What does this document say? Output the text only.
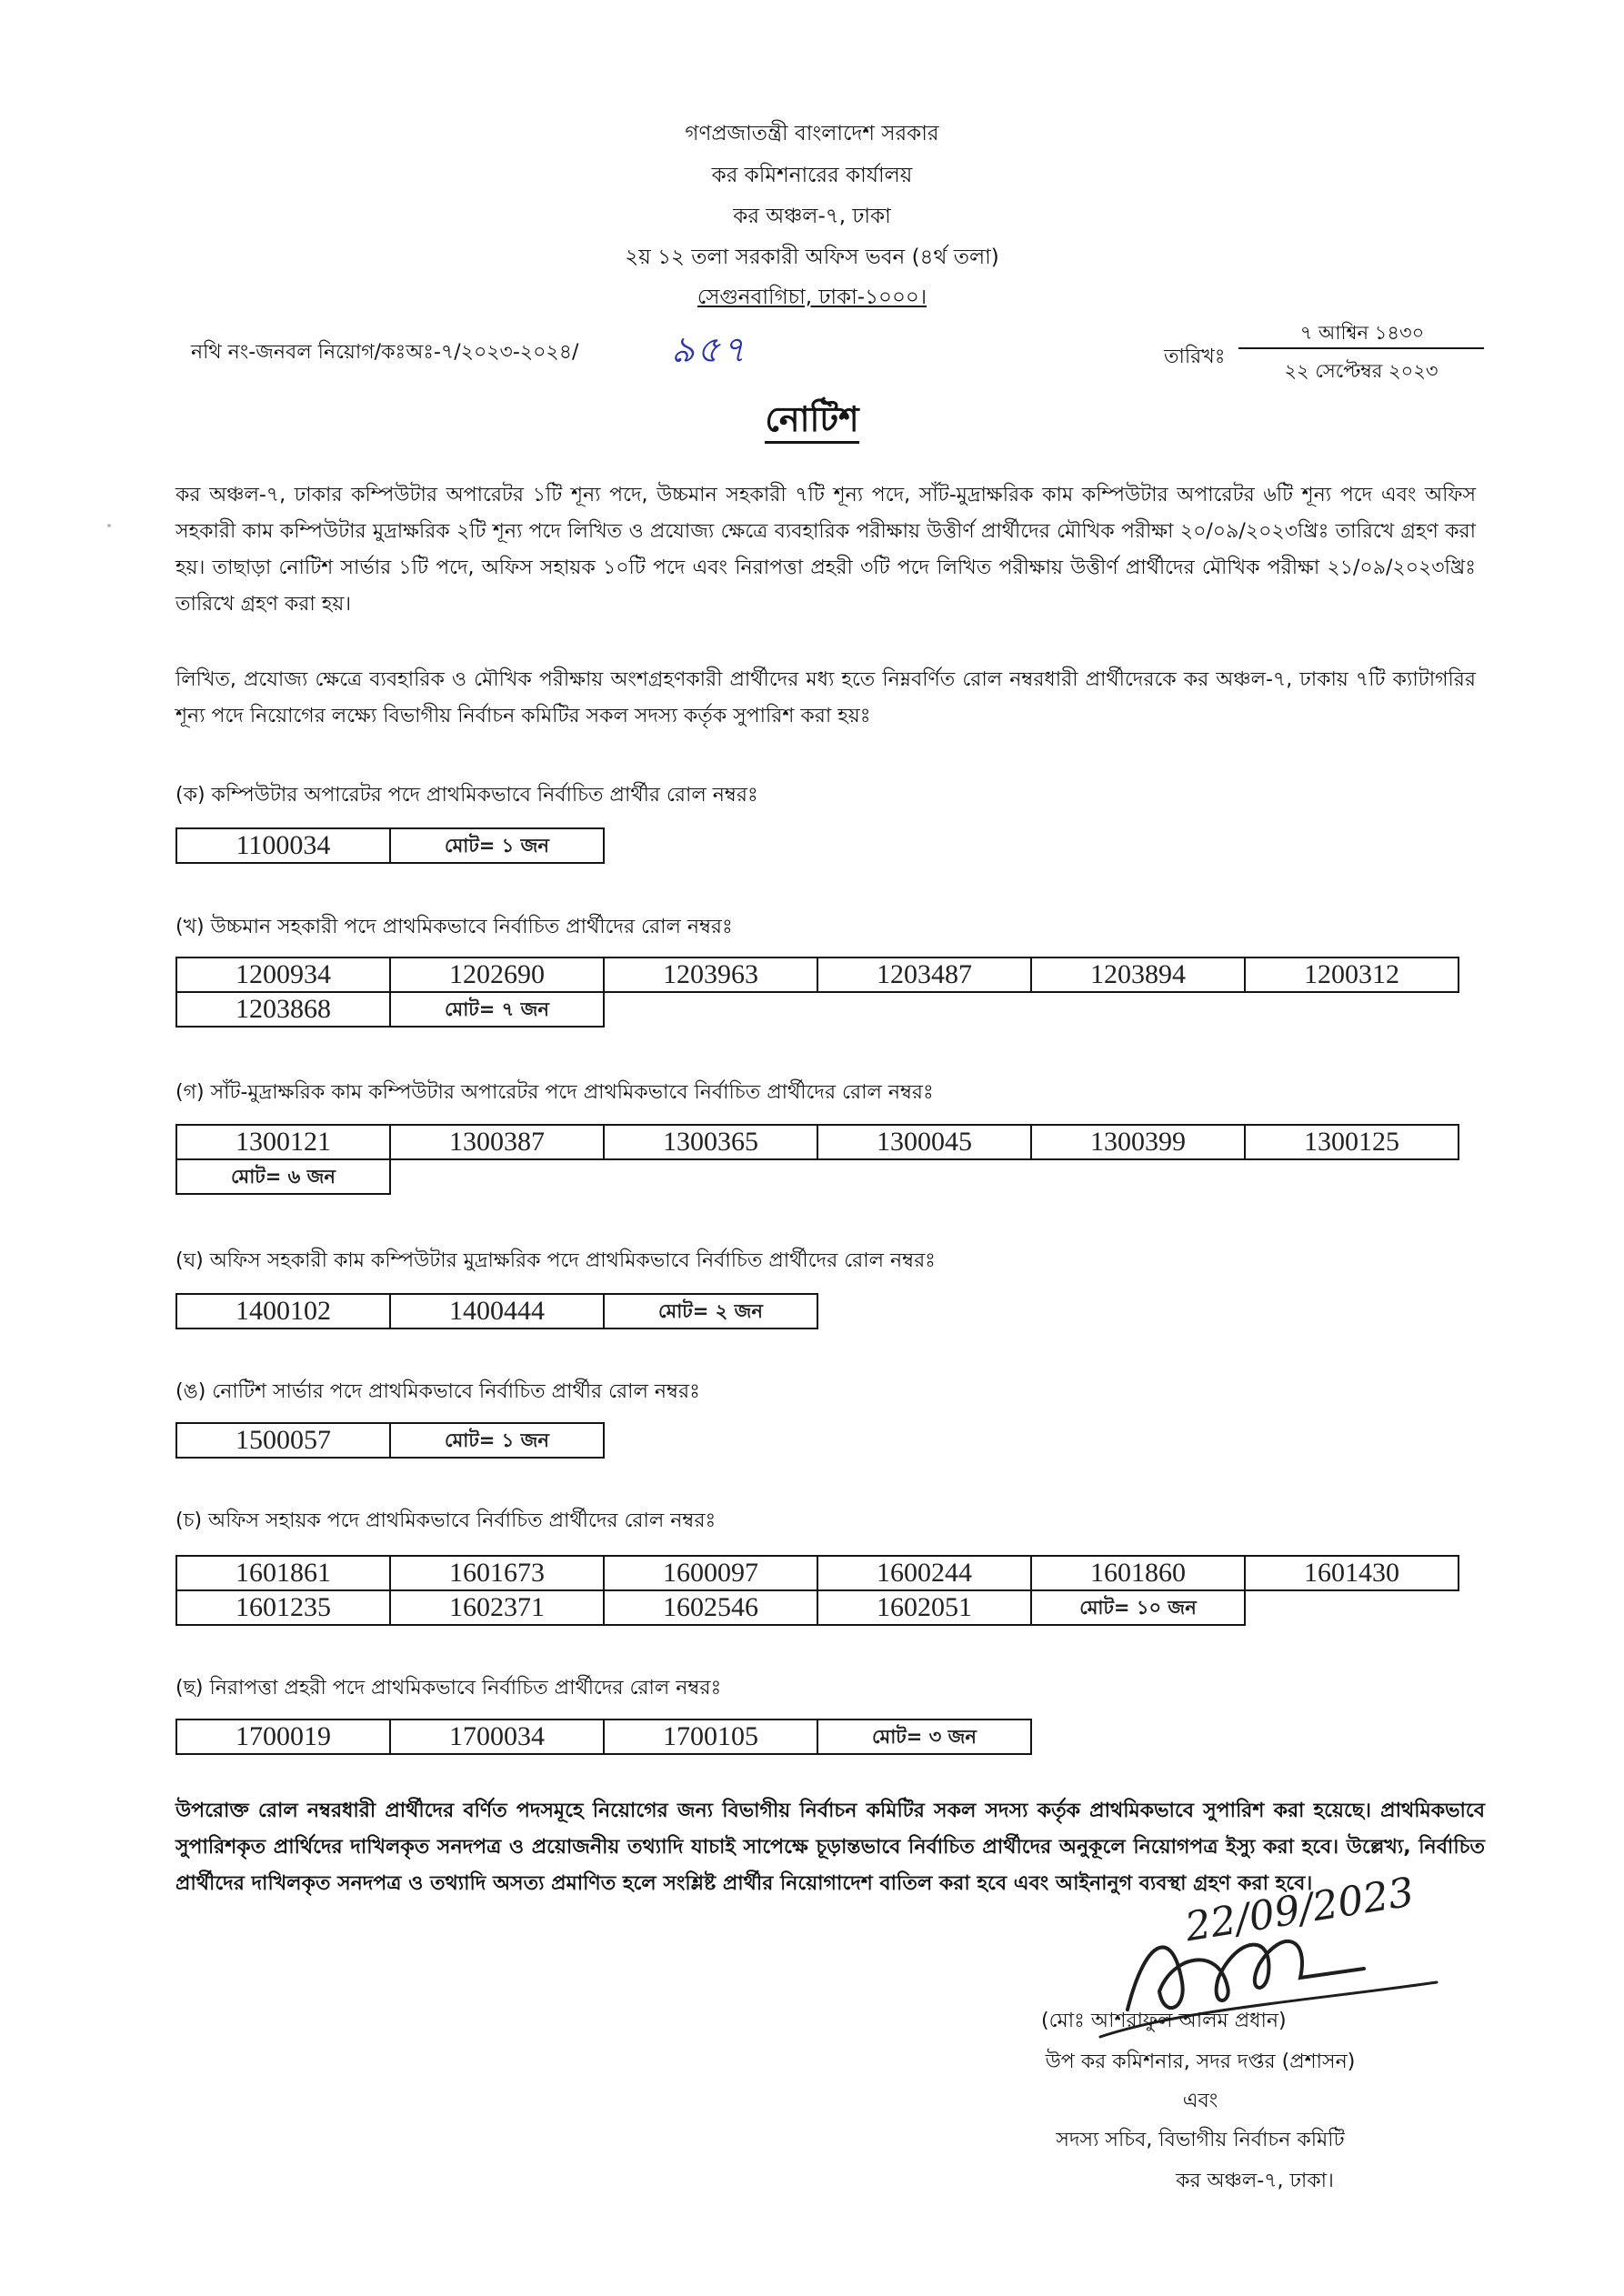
গণপ্রজাতন্ত্রী বাংলাদেশ সরকার
কর কমিশনারের কার্যালয়
কর অঞ্চল-৭, ঢাকা
২য় ১২ তলা সরকারী অফিস ভবন (৪র্থ তলা)
সেগুনবাগিচা, ঢাকা-১০০০।
নথি নং-জনবল নিয়োগ/কঃঅঃ-৭/২০২৩-২০২৪/	৯৫৭	তারিখঃ
৭ আশ্বিন ১৪৩০
২২ সেপ্টেম্বর ২০২৩
নোটিশ
কর অঞ্চল-৭, ঢাকার কম্পিউটার অপারেটর ১টি শূন্য পদে, উচ্চমান সহকারী ৭টি শূন্য পদে, সাঁট-মুদ্রাক্ষরিক কাম কম্পিউটার অপারেটর ৬টি শূন্য পদে এবং অফিস সহকারী কাম কম্পিউটার মুদ্রাক্ষরিক ২টি শূন্য পদে লিখিত ও প্রযোজ্য ক্ষেত্রে ব্যবহারিক পরীক্ষায় উত্তীর্ণ প্রার্থীদের মৌখিক পরীক্ষা ২০/০৯/২০২৩খ্রিঃ তারিখে গ্রহণ করা হয়। তাছাড়া নোটিশ সার্ভার ১টি পদে, অফিস সহায়ক ১০টি পদে এবং নিরাপত্তা প্রহরী ৩টি পদে লিখিত পরীক্ষায় উত্তীর্ণ প্রার্থীদের মৌখিক পরীক্ষা ২১/০৯/২০২৩খ্রিঃ তারিখে গ্রহণ করা হয়।
লিখিত, প্রযোজ্য ক্ষেত্রে ব্যবহারিক ও মৌখিক পরীক্ষায় অংশগ্রহণকারী প্রার্থীদের মধ্য হতে নিম্নবর্ণিত রোল নম্বরধারী প্রার্থীদেরকে কর অঞ্চল-৭, ঢাকায় ৭টি ক্যাটাগরির শূন্য পদে নিয়োগের লক্ষ্যে বিভাগীয় নির্বাচন কমিটির সকল সদস্য কর্তৃক সুপারিশ করা হয়ঃ
(ক) কম্পিউটার অপারেটর পদে প্রাথমিকভাবে নির্বাচিত প্রার্থীর রোল নম্বরঃ
1100034	মোট= ১ জন
(খ) উচ্চমান সহকারী পদে প্রাথমিকভাবে নির্বাচিত প্রার্থীদের রোল নম্বরঃ
1200934	1202690	1203963	1203487	1203894	1200312
1203868	মোট= ৭ জন
(গ) সাঁট-মুদ্রাক্ষরিক কাম কম্পিউটার অপারেটর পদে প্রাথমিকভাবে নির্বাচিত প্রার্থীদের রোল নম্বরঃ
1300121	1300387	1300365	1300045	1300399	1300125
মোট= ৬ জন
(ঘ) অফিস সহকারী কাম কম্পিউটার মুদ্রাক্ষরিক পদে প্রাথমিকভাবে নির্বাচিত প্রার্থীদের রোল নম্বরঃ
1400102	1400444	মোট= ২ জন
(ঙ) নোটিশ সার্ভার পদে প্রাথমিকভাবে নির্বাচিত প্রার্থীর রোল নম্বরঃ
1500057	মোট= ১ জন
(চ) অফিস সহায়ক পদে প্রাথমিকভাবে নির্বাচিত প্রার্থীদের রোল নম্বরঃ
1601861	1601673	1600097	1600244	1601860	1601430
1601235	1602371	1602546	1602051	মোট= ১০ জন
(ছ) নিরাপত্তা প্রহরী পদে প্রাথমিকভাবে নির্বাচিত প্রার্থীদের রোল নম্বরঃ
1700019	1700034	1700105	মোট= ৩ জন
উপরোক্ত রোল নম্বরধারী প্রার্থীদের বর্ণিত পদসমূহে নিয়োগের জন্য বিভাগীয় নির্বাচন কমিটির সকল সদস্য কর্তৃক প্রাথমিকভাবে সুপারিশ করা হয়েছে। প্রাথমিকভাবে সুপারিশকৃত প্রার্থিদের দাখিলকৃত সনদপত্র ও প্রয়োজনীয় তথ্যাদি যাচাই সাপেক্ষে চূড়ান্তভাবে নির্বাচিত প্রার্থীদের অনুকূলে নিয়োগপত্র ইস্যু করা হবে। উল্লেখ্য, নির্বাচিত প্রার্থীদের দাখিলকৃত সনদপত্র ও তথ্যাদি অসত্য প্রমাণিত হলে সংশ্লিষ্ট প্রার্থীর নিয়োগাদেশ বাতিল করা হবে এবং আইনানুগ ব্যবস্থা গ্রহণ করা হবে।
22/09/2023
(মোঃ আশরাফুল আলম প্রধান)
উপ কর কমিশনার, সদর দপ্তর (প্রশাসন)
এবং
সদস্য সচিব, বিভাগীয় নির্বাচন কমিটি
কর অঞ্চল-৭, ঢাকা।
